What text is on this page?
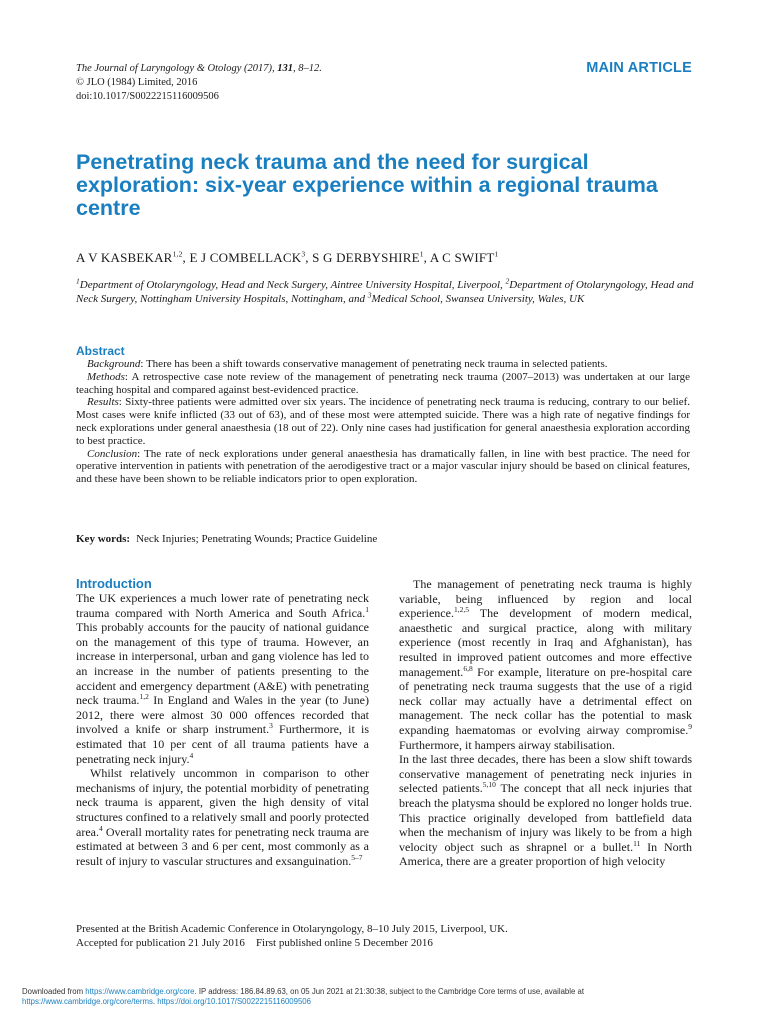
The Journal of Laryngology & Otology (2017), 131, 8–12.
© JLO (1984) Limited, 2016
doi:10.1017/S0022215116009506
MAIN ARTICLE
Penetrating neck trauma and the need for surgical exploration: six-year experience within a regional trauma centre
A V KASBEKAR$^{1,2}$, E J COMBELLACK$^3$, S G DERBYSHIRE$^1$, A C SWIFT$^1$
$^1$Department of Otolaryngology, Head and Neck Surgery, Aintree University Hospital, Liverpool, $^2$Department of Otolaryngology, Head and Neck Surgery, Nottingham University Hospitals, Nottingham, and $^3$Medical School, Swansea University, Wales, UK
Abstract

Background: There has been a shift towards conservative management of penetrating neck trauma in selected patients.

Methods: A retrospective case note review of the management of penetrating neck trauma (2007–2013) was undertaken at our large teaching hospital and compared against best-evidenced practice.

Results: Sixty-three patients were admitted over six years. The incidence of penetrating neck trauma is reducing, contrary to our belief. Most cases were knife inflicted (33 out of 63), and of these most were attempted suicide. There was a high rate of negative findings for neck explorations under general anaesthesia (18 out of 22). Only nine cases had justification for general anaesthesia exploration according to best practice.

Conclusion: The rate of neck explorations under general anaesthesia has dramatically fallen, in line with best practice. The need for operative intervention in patients with penetration of the aerodigestive tract or a major vascular injury should be based on clinical features, and these have been shown to be reliable indicators prior to open exploration.

Key words: Neck Injuries; Penetrating Wounds; Practice Guideline
Introduction

The UK experiences a much lower rate of penetrating neck trauma compared with North America and South Africa.$^1$ This probably accounts for the paucity of national guidance on the management of this type of trauma. However, an increase in interpersonal, urban and gang violence has led to an increase in the number of patients presenting to the accident and emergency department (A&E) with penetrating neck trauma.$^{1,2}$ In England and Wales in the year (to June) 2012, there were almost 30 000 offences recorded that involved a knife or sharp instrument.$^3$ Furthermore, it is estimated that 10 per cent of all trauma patients have a penetrating neck injury.$^4$

Whilst relatively uncommon in comparison to other mechanisms of injury, the potential morbidity of penetrating neck trauma is apparent, given the high density of vital structures confined to a relatively small and poorly protected area.$^4$ Overall mortality rates for penetrating neck trauma are estimated at between 3 and 6 per cent, most commonly as a result of injury to vascular structures and exsanguination.$^{5-7}$

The management of penetrating neck trauma is highly variable, being influenced by region and local experience.$^{1,2,5}$ The development of modern medical, anaesthetic and surgical practice, along with military experience (most recently in Iraq and Afghanistan), has resulted in improved patient outcomes and more effective management.$^{6,8}$ For example, literature on pre-hospital care of penetrating neck trauma suggests that the use of a rigid neck collar may actually have a detrimental effect on management. The neck collar has the potential to mask expanding haematomas or evolving airway compromise.$^9$ Furthermore, it hampers airway stabilisation.

In the last three decades, there has been a slow shift towards conservative management of penetrating neck injuries in selected patients.$^{5,10}$ The concept that all neck injuries that breach the platysma should be explored no longer holds true. This practice originally developed from battlefield data when the mechanism of injury was likely to be from a high velocity object such as shrapnel or a bullet.$^{11}$ In North America, there are a greater proportion of high velocity

Presented at the British Academic Conference in Otolaryngology, 8–10 July 2015, Liverpool, UK.
Accepted for publication 21 July 2016 First published online 5 December 2016
Downloaded from https://www.cambridge.org/core. IP address: 186.84.89.63, on 05 Jun 2021 at 21:30:38, subject to the Cambridge Core terms of use, available at
https://www.cambridge.org/core/terms. https://doi.org/10.1017/S0022215116009506
